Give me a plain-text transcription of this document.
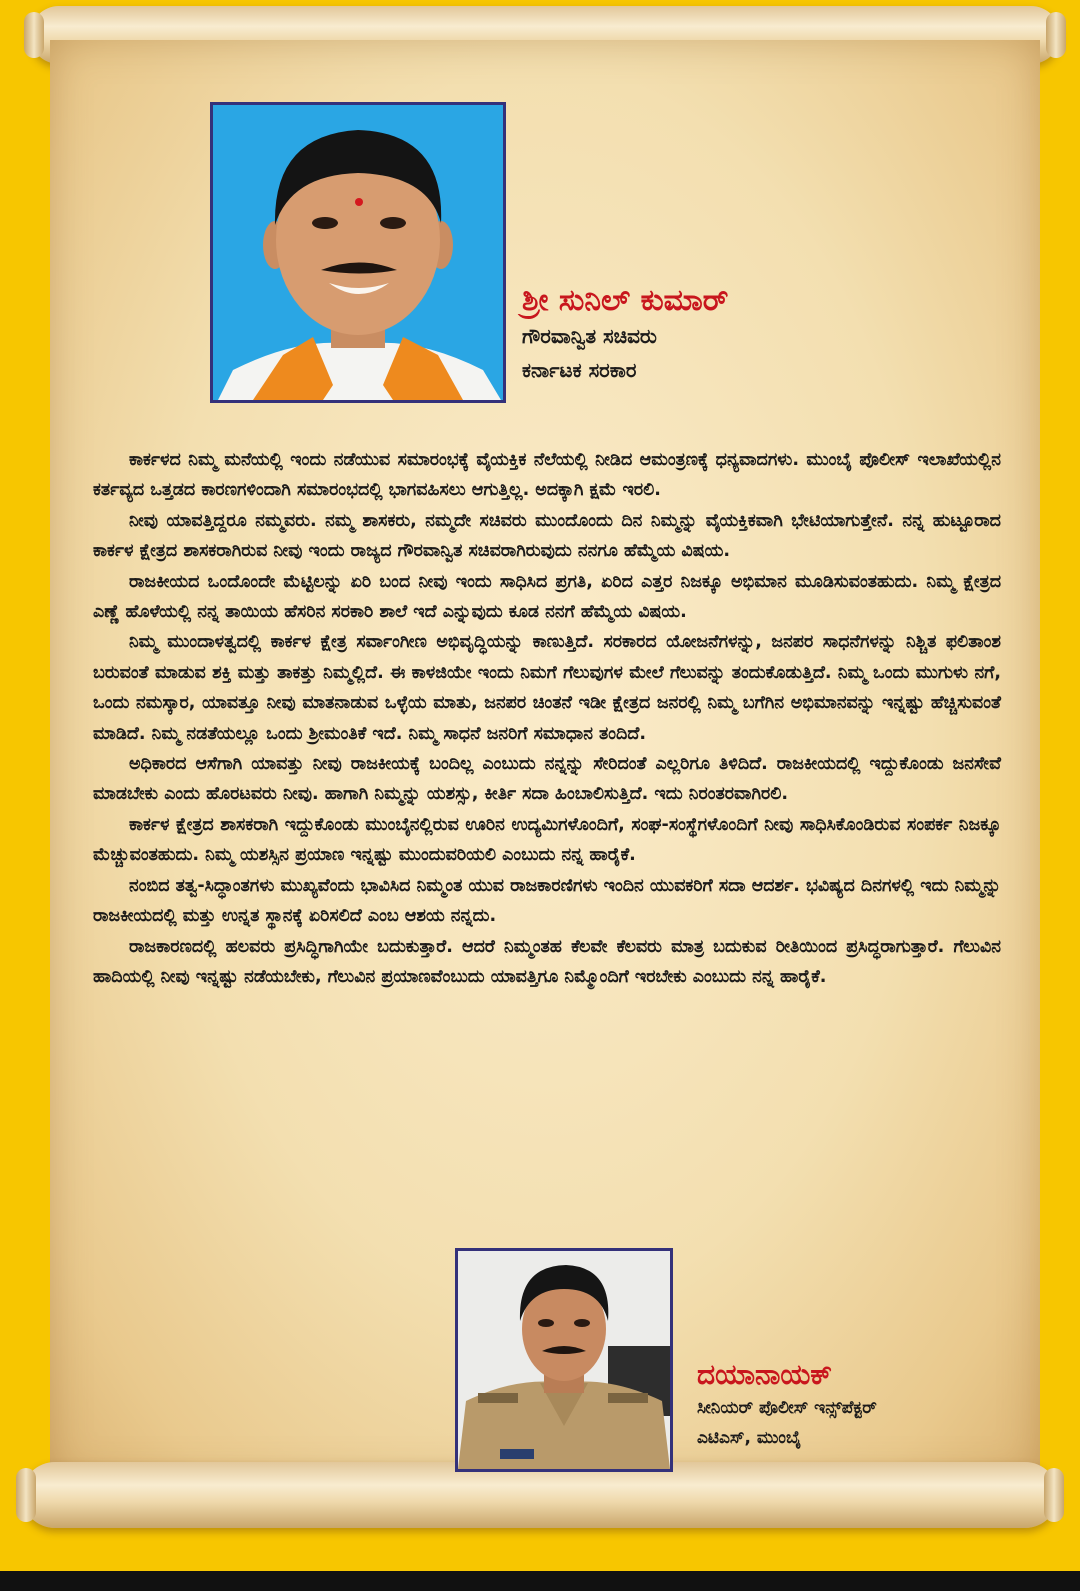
ಶ್ರೀ ಸುನಿಲ್ ಕುಮಾರ್
ಗೌರವಾನ್ವಿತ ಸಚಿವರು
ಕರ್ನಾಟಕ ಸರಕಾರ

ಕಾರ್ಕಳದ ನಿಮ್ಮ ಮನೆಯಲ್ಲಿ ಇಂದು ನಡೆಯುವ ಸಮಾರಂಭಕ್ಕೆ ವೈಯಕ್ತಿಕ ನೆಲೆಯಲ್ಲಿ ನೀಡಿದ ಆಮಂತ್ರಣಕ್ಕೆ ಧನ್ಯವಾದಗಳು. ಮುಂಬೈ ಪೊಲೀಸ್ ಇಲಾಖೆಯಲ್ಲಿನ ಕರ್ತವ್ಯದ ಒತ್ತಡದ ಕಾರಣಗಳಿಂದಾಗಿ ಸಮಾರಂಭದಲ್ಲಿ ಭಾಗವಹಿಸಲು ಆಗುತ್ತಿಲ್ಲ. ಅದಕ್ಕಾಗಿ ಕ್ಷಮೆ ಇರಲಿ.

ನೀವು ಯಾವತ್ತಿದ್ದರೂ ನಮ್ಮವರು. ನಮ್ಮ ಶಾಸಕರು, ನಮ್ಮದೇ ಸಚಿವರು ಮುಂದೊಂದು ದಿನ ನಿಮ್ಮನ್ನು ವೈಯಕ್ತಿಕವಾಗಿ ಭೇಟಿಯಾಗುತ್ತೇನೆ. ನನ್ನ ಹುಟ್ಟೂರಾದ ಕಾರ್ಕಳ ಕ್ಷೇತ್ರದ ಶಾಸಕರಾಗಿರುವ ನೀವು ಇಂದು ರಾಜ್ಯದ ಗೌರವಾನ್ವಿತ ಸಚಿವರಾಗಿರುವುದು ನನಗೂ ಹೆಮ್ಮೆಯ ವಿಷಯ.

ರಾಜಕೀಯದ ಒಂದೊಂದೇ ಮೆಟ್ಟಿಲನ್ನು ಏರಿ ಬಂದ ನೀವು ಇಂದು ಸಾಧಿಸಿದ ಪ್ರಗತಿ, ಏರಿದ ಎತ್ತರ ನಿಜಕ್ಕೂ ಅಭಿಮಾನ ಮೂಡಿಸುವಂತಹುದು. ನಿಮ್ಮ ಕ್ಷೇತ್ರದ ಎಣ್ಣೆ ಹೊಳೆಯಲ್ಲಿ ನನ್ನ ತಾಯಿಯ ಹೆಸರಿನ ಸರಕಾರಿ ಶಾಲೆ ಇದೆ ಎನ್ನುವುದು ಕೂಡ ನನಗೆ ಹೆಮ್ಮೆಯ ವಿಷಯ.

ನಿಮ್ಮ ಮುಂದಾಳತ್ವದಲ್ಲಿ ಕಾರ್ಕಳ ಕ್ಷೇತ್ರ ಸರ್ವಾಂಗೀಣ ಅಭಿವೃದ್ಧಿಯನ್ನು ಕಾಣುತ್ತಿದೆ. ಸರಕಾರದ ಯೋಜನೆಗಳನ್ನು, ಜನಪರ ಸಾಧನೆಗಳನ್ನು ನಿಶ್ಚಿತ ಫಲಿತಾಂಶ ಬರುವಂತೆ ಮಾಡುವ ಶಕ್ತಿ ಮತ್ತು ತಾಕತ್ತು ನಿಮ್ಮಲ್ಲಿದೆ. ಈ ಕಾಳಜಿಯೇ ಇಂದು ನಿಮಗೆ ಗೆಲುವುಗಳ ಮೇಲೆ ಗೆಲುವನ್ನು ತಂದುಕೊಡುತ್ತಿದೆ. ನಿಮ್ಮ ಒಂದು ಮುಗುಳು ನಗೆ, ಒಂದು ನಮಸ್ಕಾರ, ಯಾವತ್ತೂ ನೀವು ಮಾತನಾಡುವ ಒಳ್ಳೆಯ ಮಾತು, ಜನಪರ ಚಿಂತನೆ ಇಡೀ ಕ್ಷೇತ್ರದ ಜನರಲ್ಲಿ ನಿಮ್ಮ ಬಗೆಗಿನ ಅಭಿಮಾನವನ್ನು ಇನ್ನಷ್ಟು ಹೆಚ್ಚಿಸುವಂತೆ ಮಾಡಿದೆ. ನಿಮ್ಮ ನಡತೆಯಲ್ಲೂ ಒಂದು ಶ್ರೀಮಂತಿಕೆ ಇದೆ. ನಿಮ್ಮ ಸಾಧನೆ ಜನರಿಗೆ ಸಮಾಧಾನ ತಂದಿದೆ.

ಅಧಿಕಾರದ ಆಸೆಗಾಗಿ ಯಾವತ್ತು ನೀವು ರಾಜಕೀಯಕ್ಕೆ ಬಂದಿಲ್ಲ ಎಂಬುದು ನನ್ನನ್ನು ಸೇರಿದಂತೆ ಎಲ್ಲರಿಗೂ ತಿಳಿದಿದೆ. ರಾಜಕೀಯದಲ್ಲಿ ಇದ್ದುಕೊಂಡು ಜನಸೇವೆ ಮಾಡಬೇಕು ಎಂದು ಹೊರಟವರು ನೀವು. ಹಾಗಾಗಿ ನಿಮ್ಮನ್ನು ಯಶಸ್ಸು, ಕೀರ್ತಿ ಸದಾ ಹಿಂಬಾಲಿಸುತ್ತಿದೆ. ಇದು ನಿರಂತರವಾಗಿರಲಿ.

ಕಾರ್ಕಳ ಕ್ಷೇತ್ರದ ಶಾಸಕರಾಗಿ ಇದ್ದುಕೊಂಡು ಮುಂಬೈನಲ್ಲಿರುವ ಊರಿನ ಉದ್ಯಮಿಗಳೊಂದಿಗೆ, ಸಂಘ-ಸಂಸ್ಥೆಗಳೊಂದಿಗೆ ನೀವು ಸಾಧಿಸಿಕೊಂಡಿರುವ ಸಂಪರ್ಕ ನಿಜಕ್ಕೂ ಮೆಚ್ಚುವಂತಹುದು. ನಿಮ್ಮ ಯಶಸ್ಸಿನ ಪ್ರಯಾಣ ಇನ್ನಷ್ಟು ಮುಂದುವರಿಯಲಿ ಎಂಬುದು ನನ್ನ ಹಾರೈಕೆ.

ನಂಬಿದ ತತ್ವ-ಸಿದ್ಧಾಂತಗಳು ಮುಖ್ಯವೆಂದು ಭಾವಿಸಿದ ನಿಮ್ಮಂತ ಯುವ ರಾಜಕಾರಣಿಗಳು ಇಂದಿನ ಯುವಕರಿಗೆ ಸದಾ ಆದರ್ಶ. ಭವಿಷ್ಯದ ದಿನಗಳಲ್ಲಿ ಇದು ನಿಮ್ಮನ್ನು ರಾಜಕೀಯದಲ್ಲಿ ಮತ್ತು ಉನ್ನತ ಸ್ಥಾನಕ್ಕೆ ಏರಿಸಲಿದೆ ಎಂಬ ಆಶಯ ನನ್ನದು.

ರಾಜಕಾರಣದಲ್ಲಿ ಹಲವರು ಪ್ರಸಿದ್ಧಿಗಾಗಿಯೇ ಬದುಕುತ್ತಾರೆ. ಆದರೆ ನಿಮ್ಮಂತಹ ಕೆಲವೇ ಕೆಲವರು ಮಾತ್ರ ಬದುಕುವ ರೀತಿಯಿಂದ ಪ್ರಸಿದ್ಧರಾಗುತ್ತಾರೆ. ಗೆಲುವಿನ ಹಾದಿಯಲ್ಲಿ ನೀವು ಇನ್ನಷ್ಟು ನಡೆಯಬೇಕು, ಗೆಲುವಿನ ಪ್ರಯಾಣವೆಂಬುದು ಯಾವತ್ತಿಗೂ ನಿಮ್ಮೊಂದಿಗೆ ಇರಬೇಕು ಎಂಬುದು ನನ್ನ ಹಾರೈಕೆ.

ದಯಾನಾಯಕ್
ಸೀನಿಯರ್ ಪೊಲೀಸ್ ಇನ್ಸ್‌ಪೆಕ್ಟರ್
ಎಟಿಎಸ್, ಮುಂಬೈ
